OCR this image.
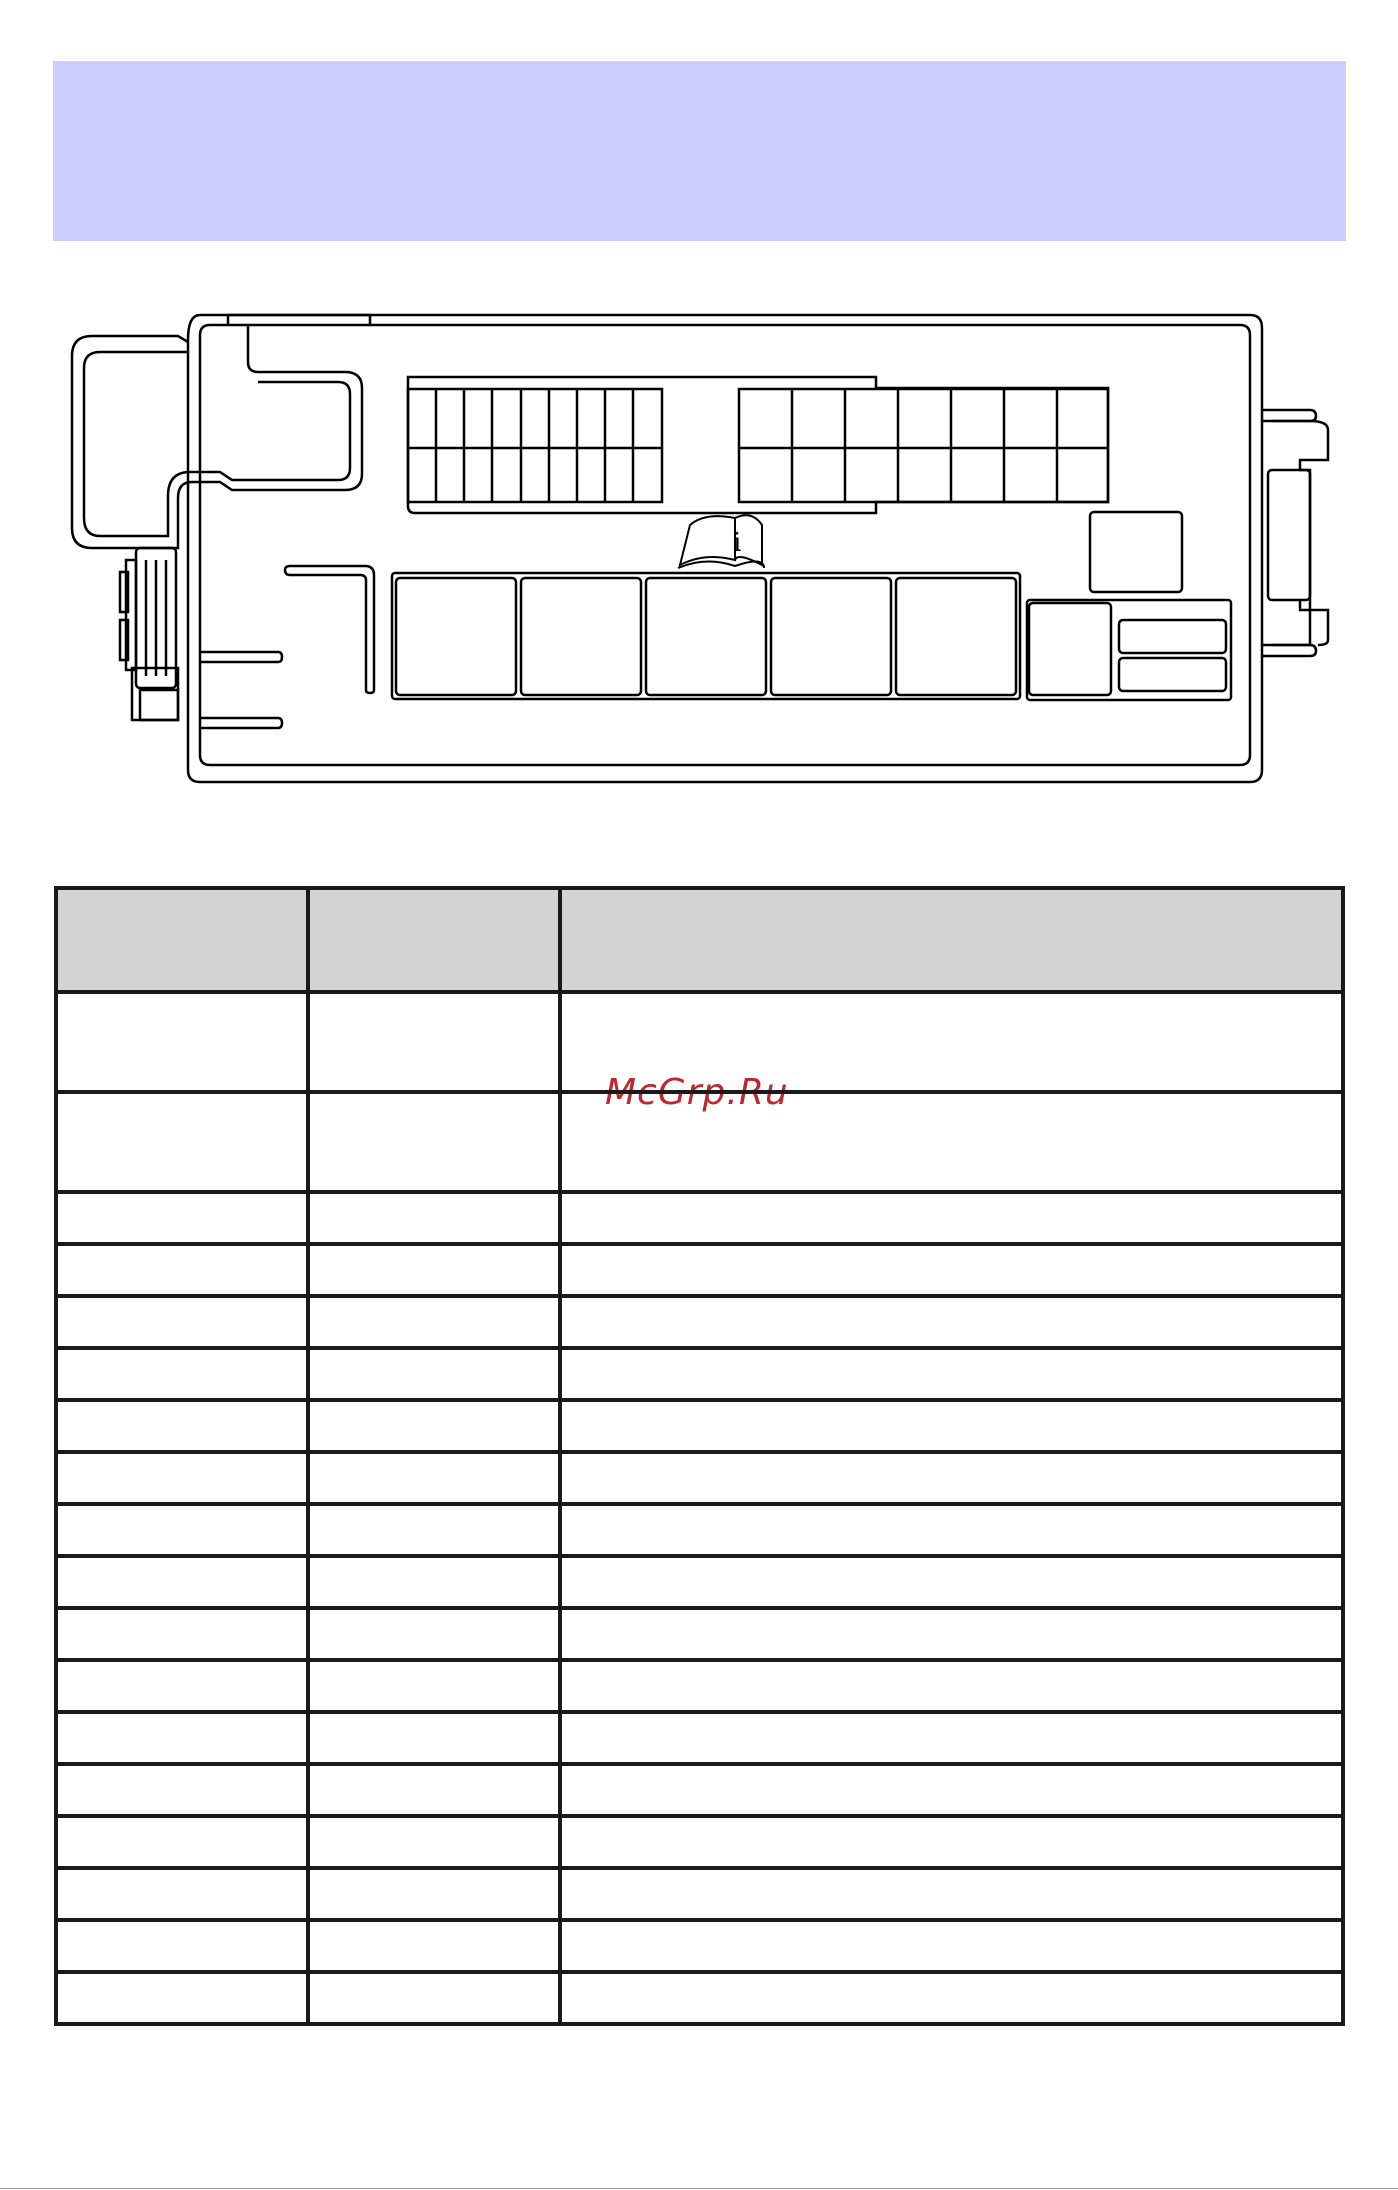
i
McGrp.Ru
